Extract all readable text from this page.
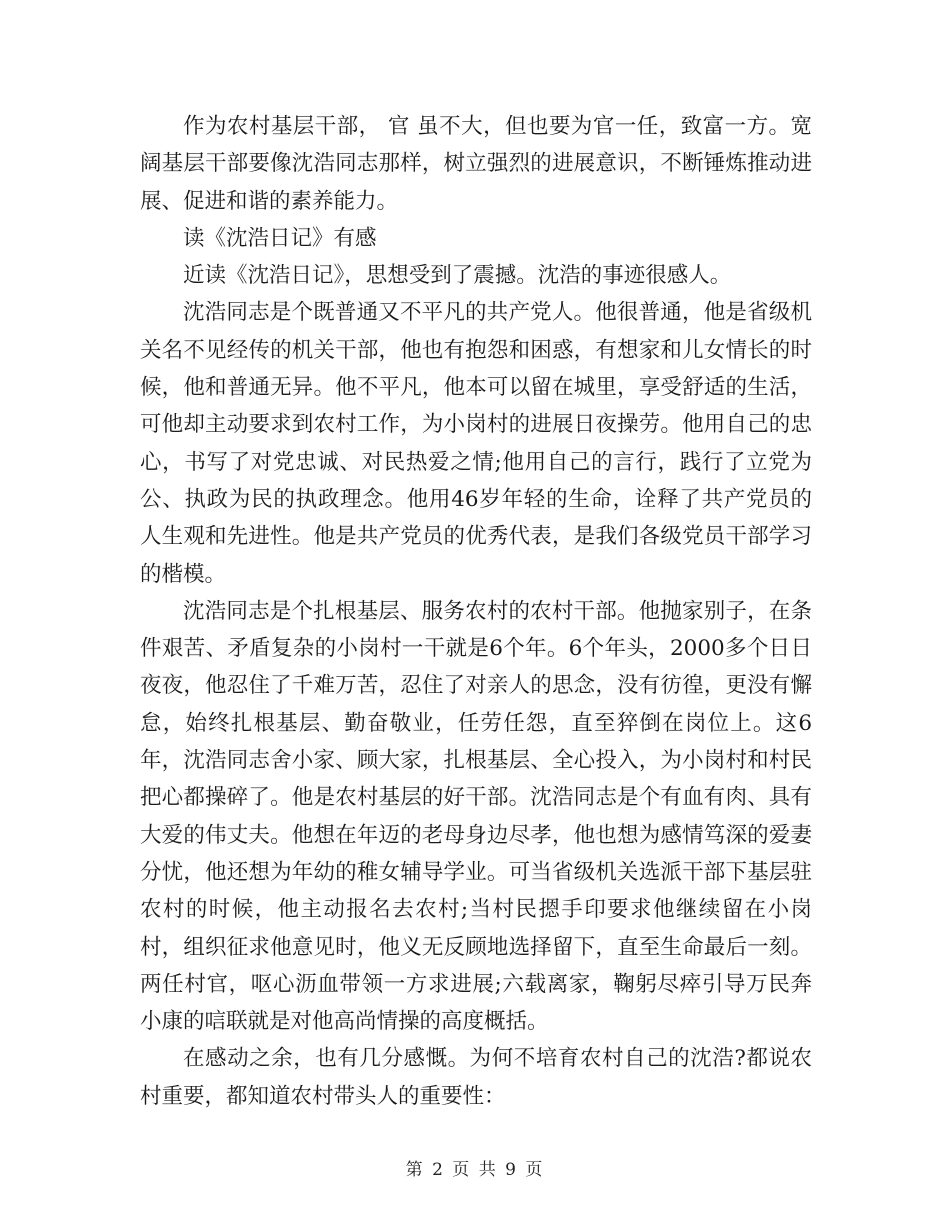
作为农村基层干部， 官 虽不大，但也要为官一任，致富一方。宽阔基层干部要像沈浩同志那样，树立强烈的进展意识，不断锤炼推动进展、促进和谐的素养能力。

读《沈浩日记》有感

近读《沈浩日记》，思想受到了震撼。沈浩的事迹很感人。

沈浩同志是个既普通又不平凡的共产党人。他很普通，他是省级机关名不见经传的机关干部，他也有抱怨和困惑，有想家和儿女情长的时候，他和普通无异。他不平凡，他本可以留在城里，享受舒适的生活，可他却主动要求到农村工作，为小岗村的进展日夜操劳。他用自己的忠心，书写了对党忠诚、对民热爱之情;他用自己的言行，践行了立党为公、执政为民的执政理念。他用46岁年轻的生命，诠释了共产党员的人生观和先进性。他是共产党员的优秀代表，是我们各级党员干部学习的楷模。

沈浩同志是个扎根基层、服务农村的农村干部。他抛家别子，在条件艰苦、矛盾复杂的小岗村一干就是6个年。6个年头，2000多个日日夜夜，他忍住了千难万苦，忍住了对亲人的思念，没有彷徨，更没有懈怠，始终扎根基层、勤奋敬业，任劳任怨，直至猝倒在岗位上。这6年，沈浩同志舍小家、顾大家，扎根基层、全心投入，为小岗村和村民把心都操碎了。他是农村基层的好干部。沈浩同志是个有血有肉、具有大爱的伟丈夫。他想在年迈的老母身边尽孝，他也想为感情笃深的爱妻分忧，他还想为年幼的稚女辅导学业。可当省级机关选派干部下基层驻农村的时候，他主动报名去农村;当村民摁手印要求他继续留在小岗村，组织征求他意见时，他义无反顾地选择留下，直至生命最后一刻。两任村官，呕心沥血带领一方求进展;六载离家，鞠躬尽瘁引导万民奔小康的唁联就是对他高尚情操的高度概括。

在感动之余，也有几分感慨。为何不培育农村自己的沈浩?都说农村重要，都知道农村带头人的重要性：

第 2 页 共 9 页
